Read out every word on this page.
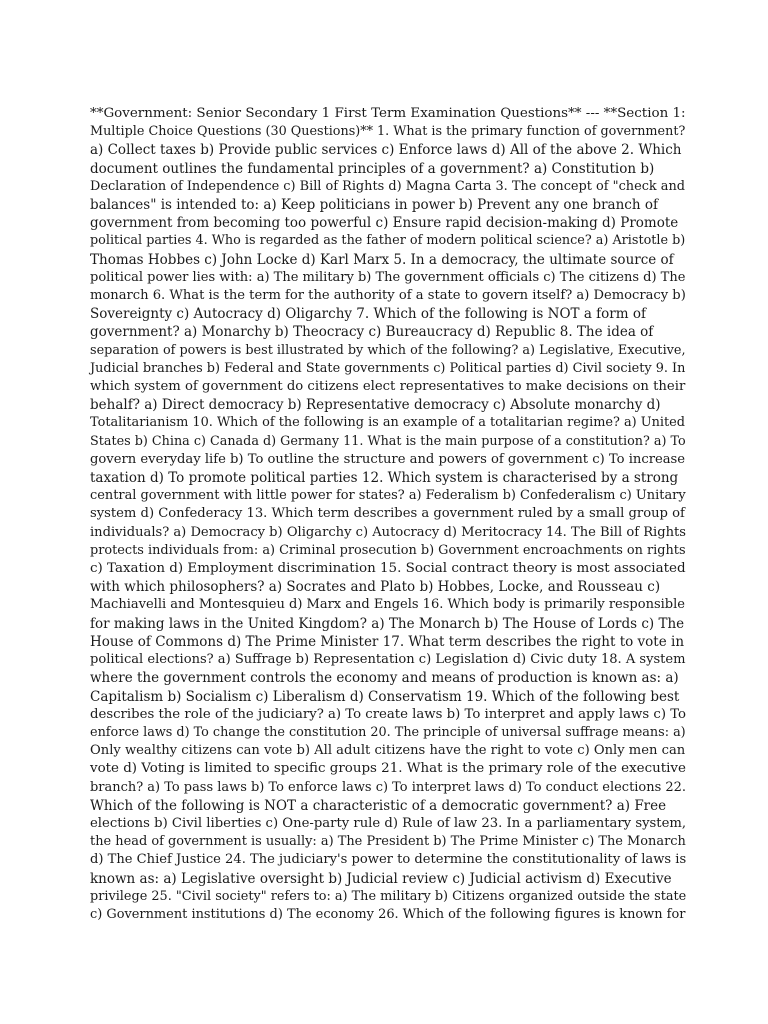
**Government: Senior Secondary 1 First Term Examination Questions** --- **Section 1:
Multiple Choice Questions (30 Questions)** 1. What is the primary function of government?
a) Collect taxes b) Provide public services c) Enforce laws d) All of the above 2. Which
document outlines the fundamental principles of a government? a) Constitution b)
Declaration of Independence c) Bill of Rights d) Magna Carta 3. The concept of "check and
balances" is intended to: a) Keep politicians in power b) Prevent any one branch of
government from becoming too powerful c) Ensure rapid decision-making d) Promote
political parties 4. Who is regarded as the father of modern political science? a) Aristotle b)
Thomas Hobbes c) John Locke d) Karl Marx 5. In a democracy, the ultimate source of
political power lies with: a) The military b) The government officials c) The citizens d) The
monarch 6. What is the term for the authority of a state to govern itself? a) Democracy b)
Sovereignty c) Autocracy d) Oligarchy 7. Which of the following is NOT a form of
government? a) Monarchy b) Theocracy c) Bureaucracy d) Republic 8. The idea of
separation of powers is best illustrated by which of the following? a) Legislative, Executive,
Judicial branches b) Federal and State governments c) Political parties d) Civil society 9. In
which system of government do citizens elect representatives to make decisions on their
behalf? a) Direct democracy b) Representative democracy c) Absolute monarchy d)
Totalitarianism 10. Which of the following is an example of a totalitarian regime? a) United
States b) China c) Canada d) Germany 11. What is the main purpose of a constitution? a) To
govern everyday life b) To outline the structure and powers of government c) To increase
taxation d) To promote political parties 12. Which system is characterised by a strong
central government with little power for states? a) Federalism b) Confederalism c) Unitary
system d) Confederacy 13. Which term describes a government ruled by a small group of
individuals? a) Democracy b) Oligarchy c) Autocracy d) Meritocracy 14. The Bill of Rights
protects individuals from: a) Criminal prosecution b) Government encroachments on rights
c) Taxation d) Employment discrimination 15. Social contract theory is most associated
with which philosophers? a) Socrates and Plato b) Hobbes, Locke, and Rousseau c)
Machiavelli and Montesquieu d) Marx and Engels 16. Which body is primarily responsible
for making laws in the United Kingdom? a) The Monarch b) The House of Lords c) The
House of Commons d) The Prime Minister 17. What term describes the right to vote in
political elections? a) Suffrage b) Representation c) Legislation d) Civic duty 18. A system
where the government controls the economy and means of production is known as: a)
Capitalism b) Socialism c) Liberalism d) Conservatism 19. Which of the following best
describes the role of the judiciary? a) To create laws b) To interpret and apply laws c) To
enforce laws d) To change the constitution 20. The principle of universal suffrage means: a)
Only wealthy citizens can vote b) All adult citizens have the right to vote c) Only men can
vote d) Voting is limited to specific groups 21. What is the primary role of the executive
branch? a) To pass laws b) To enforce laws c) To interpret laws d) To conduct elections 22.
Which of the following is NOT a characteristic of a democratic government? a) Free
elections b) Civil liberties c) One-party rule d) Rule of law 23. In a parliamentary system,
the head of government is usually: a) The President b) The Prime Minister c) The Monarch
d) The Chief Justice 24. The judiciary's power to determine the constitutionality of laws is
known as: a) Legislative oversight b) Judicial review c) Judicial activism d) Executive
privilege 25. "Civil society" refers to: a) The military b) Citizens organized outside the state
c) Government institutions d) The economy 26. Which of the following figures is known for
